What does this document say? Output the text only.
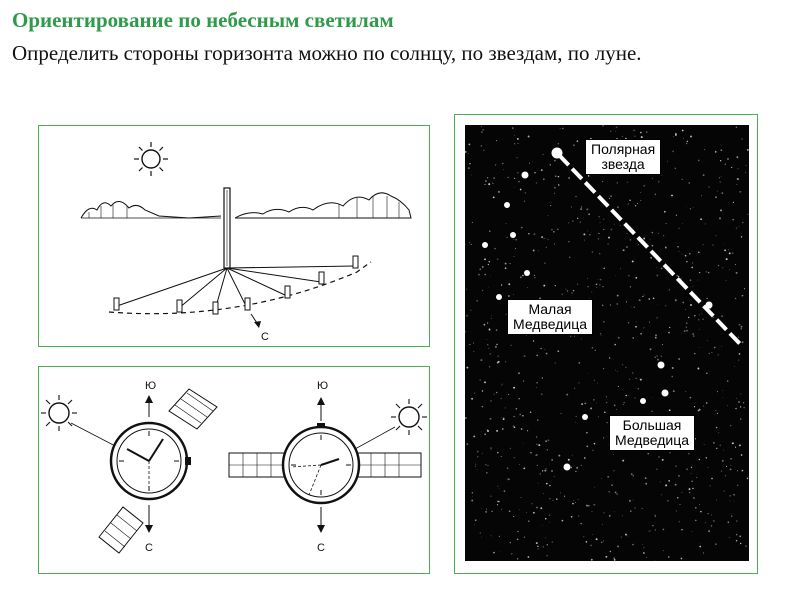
Ориентирование по небесным светилам
Определить стороны горизонта можно по солнцу, по звездам, по луне.
С
Ю
С
Ю
С
Полярная
звезда
Малая
Медведица
Большая
Медведица
